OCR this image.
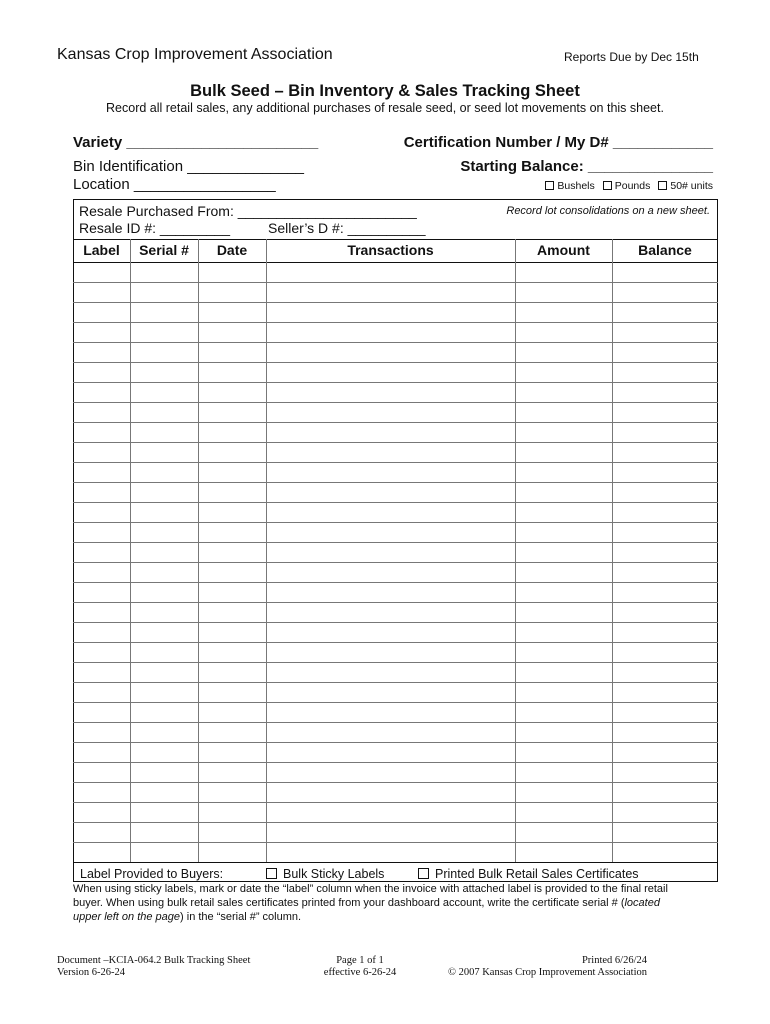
Kansas Crop Improvement Association	Reports Due by Dec 15th
Bulk Seed – Bin Inventory & Sales Tracking Sheet
Record all retail sales, any additional purchases of resale seed, or seed lot movements on this sheet.
Variety _______________________	Certification Number / My D# ____________
Bin Identification ______________	Starting Balance: _______________
Location _________________	Bushels	Pounds	50# units
Resale Purchased From: _______________________	Record lot consolidations on a new sheet.
Resale ID #: _________	Seller’s D #: __________
Label	Serial #	Date	Transactions	Amount	Balance
Label Provided to Buyers:	Bulk Sticky Labels	Printed Bulk Retail Sales Certificates
When using sticky labels, mark or date the “label” column when the invoice with attached label is provided to the final retail
buyer. When using bulk retail sales certificates printed from your dashboard account, write the certificate serial # (located
upper left on the page) in the “serial #” column.
Document –KCIA-064.2 Bulk Tracking Sheet
Version 6-26-24
Page 1 of 1
effective 6-26-24
Printed 6/26/24
© 2007 Kansas Crop Improvement Association
